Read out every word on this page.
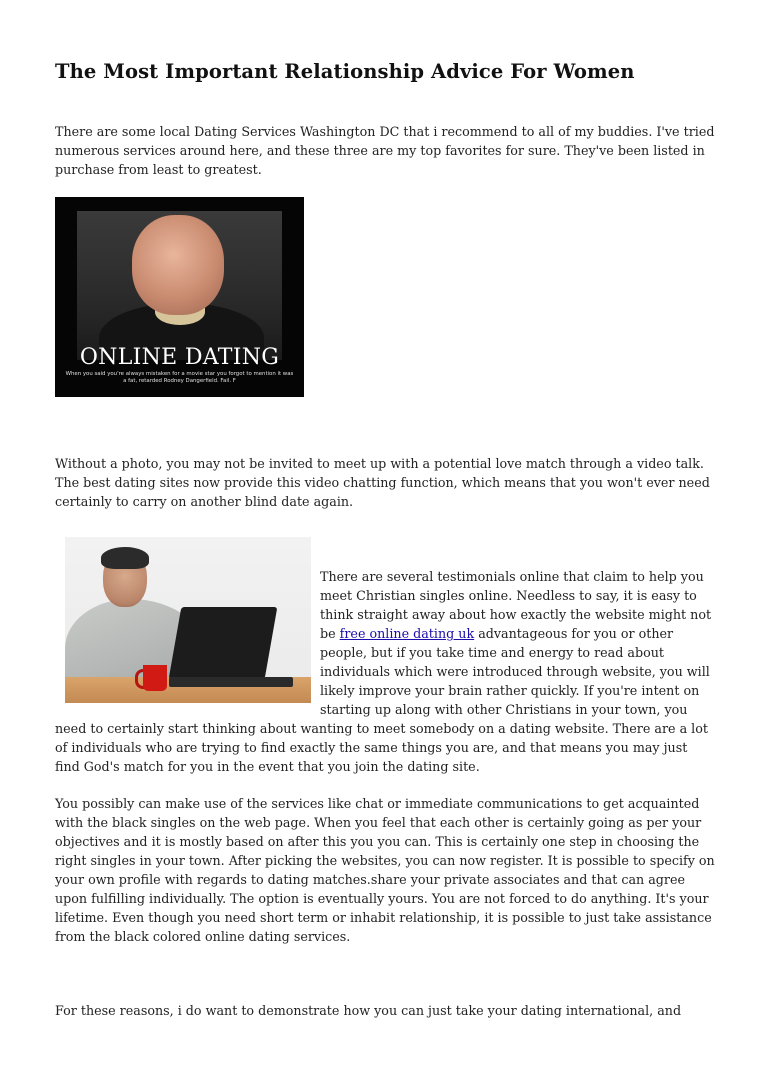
The Most Important Relationship Advice For Women

There are some local Dating Services Washington DC that i recommend to all of my buddies. I've tried numerous services around here, and these three are my top favorites for sure. They've been listed in purchase from least to greatest.

ONLINE DATING
When you said you're always mistaken for a movie star you forgot to mention it was a fat, retarded Rodney Dangerfield. Fail. F

Without a photo, you may not be invited to meet up with a potential love match through a video talk. The best dating sites now provide this video chatting function, which means that you won't ever need certainly to carry on another blind date again.

There are several testimonials online that claim to help you meet Christian singles online. Needless to say, it is easy to think straight away about how exactly the website might not be free online dating uk advantageous for you or other people, but if you take time and energy to read about individuals which were introduced through website, you will likely improve your brain rather quickly. If you're intent on starting up along with other Christians in your town, you need to certainly start thinking about wanting to meet somebody on a dating website. There are a lot of individuals who are trying to find exactly the same things you are, and that means you may just find God's match for you in the event that you join the dating site.

You possibly can make use of the services like chat or immediate communications to get acquainted with the black singles on the web page. When you feel that each other is certainly going as per your objectives and it is mostly based on after this you you can. This is certainly one step in choosing the right singles in your town. After picking the websites, you can now register. It is possible to specify on your own profile with regards to dating matches.share your private associates and that can agree upon fulfilling individually. The option is eventually yours. You are not forced to do anything. It's your lifetime. Even though you need short term or inhabit relationship, it is possible to just take assistance from the black colored online dating services.

For these reasons, i do want to demonstrate how you can just take your dating international, and
